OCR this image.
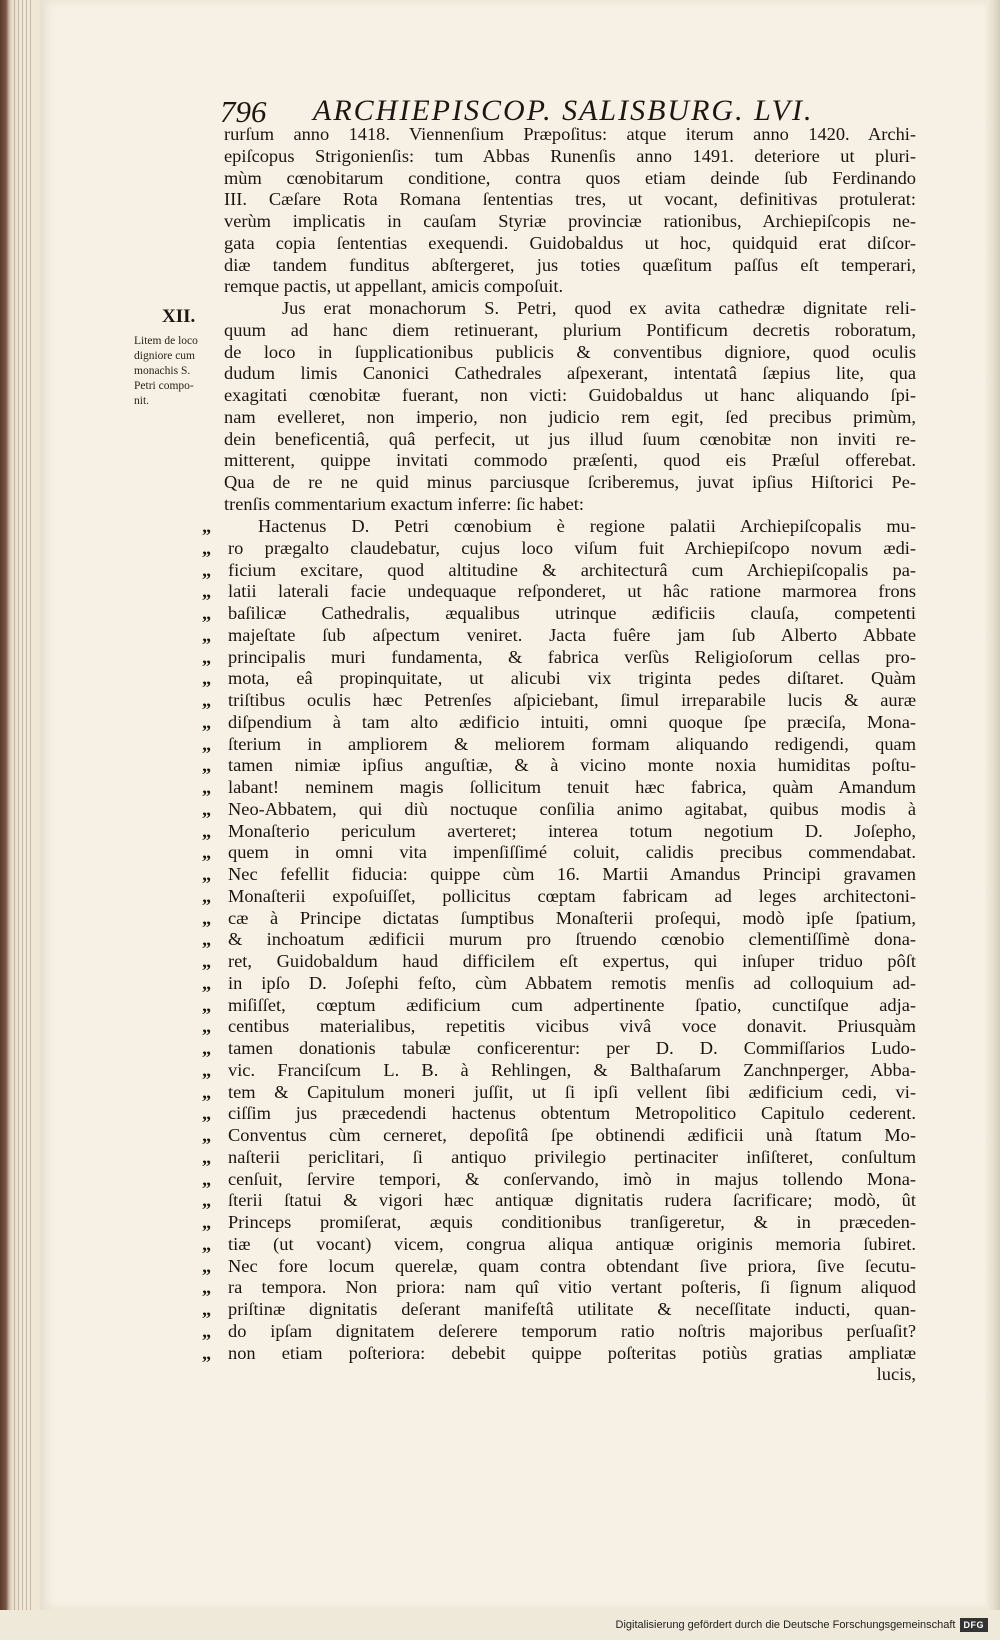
796 ARCHIEPISCOP. SALISBURG. LVI.
XII.
Litem de loco
digniore cum
monachis S.
Petri compo-
nit.
rurſum anno 1418. Viennenſium Præpoſitus: atque iterum anno 1420. Archi-
epiſcopus Strigonienſis: tum Abbas Runenſis anno 1491. deteriore ut pluri-
mùm cœnobitarum conditione, contra quos etiam deinde ſub Ferdinando
III. Cæſare Rota Romana ſententias tres, ut vocant, definitivas protulerat:
verùm implicatis in cauſam Styriæ provinciæ rationibus, Archiepiſcopis ne-
gata copia ſententias exequendi. Guidobaldus ut hoc, quidquid erat diſcor-
diæ tandem funditus abſtergeret, jus toties quæſitum paſſus eſt temperari,
remque pactis, ut appellant, amicis compoſuit.
Jus erat monachorum S. Petri, quod ex avita cathedræ dignitate reli-
quum ad hanc diem retinuerant, plurium Pontificum decretis roboratum,
de loco in ſupplicationibus publicis & conventibus digniore, quod oculis
dudum limis Canonici Cathedrales aſpexerant, intentatâ ſæpius lite, qua
exagitati cœnobitæ fuerant, non victi: Guidobaldus ut hanc aliquando ſpi-
nam evelleret, non imperio, non judicio rem egit, ſed precibus primùm,
dein beneficentiâ, quâ perfecit, ut jus illud ſuum cœnobitæ non inviti re-
mitterent, quippe invitati commodo præſenti, quod eis Præſul offerebat.
Qua de re ne quid minus parciusque ſcriberemus, juvat ipſius Hiſtorici Pe-
trenſis commentarium exactum inferre: ſic habet:
„	Hactenus D. Petri cœnobium è regione palatii Archiepiſcopalis mu-
„ ro prægalto claudebatur, cujus loco viſum fuit Archiepiſcopo novum ædi-
„ ficium excitare, quod altitudine & architecturâ cum Archiepiſcopalis pa-
„ latii laterali facie undequaque reſponderet, ut hâc ratione marmorea frons
„ baſilicæ Cathedralis, æqualibus utrinque ædificiis clauſa, competenti
„ majeſtate ſub aſpectum veniret. Jacta fuêre jam ſub Alberto Abbate
„ principalis muri fundamenta, & fabrica verſùs Religioſorum cellas pro-
„ mota, eâ propinquitate, ut alicubi vix triginta pedes diſtaret. Quàm
„ triſtibus oculis hæc Petrenſes aſpiciebant, ſimul irreparabile lucis & auræ
„ diſpendium à tam alto ædificio intuiti, omni quoque ſpe præciſa, Mona-
„ ſterium in ampliorem & meliorem formam aliquando redigendi, quam
„ tamen nimiæ ipſius anguſtiæ, & à vicino monte noxia humiditas poſtu-
„ labant! neminem magis ſollicitum tenuit hæc fabrica, quàm Amandum
„ Neo-Abbatem, qui diù noctuque conſilia animo agitabat, quibus modis à
„ Monaſterio periculum averteret; interea totum negotium D. Joſepho,
„ quem in omni vita impenſiſſimé coluit, calidis precibus commendabat.
„ Nec fefellit fiducia: quippe cùm 16. Martii Amandus Principi gravamen
„ Monaſterii expoſuiſſet, pollicitus cœptam fabricam ad leges architectoni-
„ cæ à Principe dictatas ſumptibus Monaſterii proſequi, modò ipſe ſpatium,
„ & inchoatum ædificii murum pro ſtruendo cœnobio clementiſſimè dona-
„ ret, Guidobaldum haud difficilem eſt expertus, qui inſuper triduo pôſt
„ in ipſo D. Joſephi feſto, cùm Abbatem remotis menſis ad colloquium ad-
„ miſiſſet, cœptum ædificium cum adpertinente ſpatio, cunctiſque adja-
„ centibus materialibus, repetitis vicibus vivâ voce donavit. Priusquàm
„ tamen donationis tabulæ conficerentur: per D. D. Commiſſarios Ludo-
„ vic. Franciſcum L. B. à Rehlingen, & Balthaſarum Zanchnperger, Abba-
„ tem & Capitulum moneri juſſit, ut ſi ipſi vellent ſibi ædificium cedi, vi-
„ ciſſim jus præcedendi hactenus obtentum Metropolitico Capitulo cederent.
„ Conventus cùm cerneret, depoſitâ ſpe obtinendi ædificii unà ſtatum Mo-
„ naſterii periclitari, ſi antiquo privilegio pertinaciter inſiſteret, conſultum
„ cenſuit, ſervire tempori, & conſervando, imò in majus tollendo Mona-
„ ſterii ſtatui & vigori hæc antiquæ dignitatis rudera ſacrificare; modò, ût
„ Princeps promiſerat, æquis conditionibus tranſigeretur, & in præceden-
„ tiæ (ut vocant) vicem, congrua aliqua antiquæ originis memoria ſubiret.
„ Nec fore locum querelæ, quam contra obtendant ſive priora, ſive ſecutu-
„ ra tempora. Non priora: nam quî vitio vertant poſteris, ſi ſignum aliquod
„ priſtinæ dignitatis deſerant manifeſtâ utilitate & neceſſitate inducti, quan-
„ do ipſam dignitatem deſerere temporum ratio noſtris majoribus perſuaſit?
„ non etiam poſteriora: debebit quippe poſteritas potiùs gratias ampliatæ
lucis,
Digitalisierung gefördert durch die Deutsche Forschungsgemeinschaft DFG
